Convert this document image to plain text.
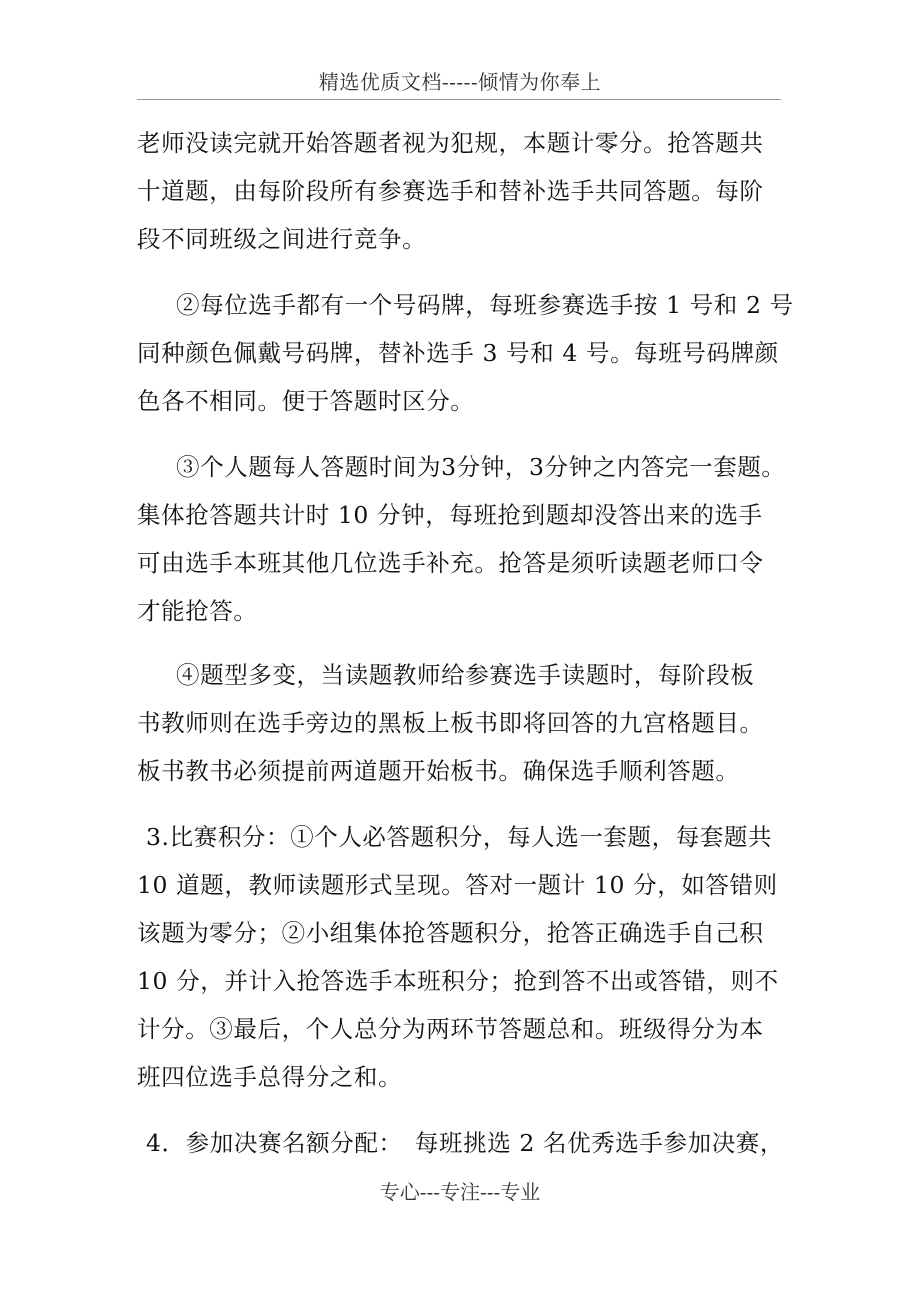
精选优质文档-----倾情为你奉上
老师没读完就开始答题者视为犯规，本题计零分。抢答题共
十道题，由每阶段所有参赛选手和替补选手共同答题。每阶
段不同班级之间进行竞争。
②每位选手都有一个号码牌，每班参赛选手按 1 号和 2 号
同种颜色佩戴号码牌，替补选手 3 号和 4 号。每班号码牌颜
色各不相同。便于答题时区分。
③个人题每人答题时间为3分钟，3分钟之内答完一套题。
集体抢答题共计时 10 分钟，每班抢到题却没答出来的选手
可由选手本班其他几位选手补充。抢答是须听读题老师口令
才能抢答。
④题型多变，当读题教师给参赛选手读题时，每阶段板
书教师则在选手旁边的黑板上板书即将回答的九宫格题目。
板书教书必须提前两道题开始板书。确保选手顺利答题。
3.比赛积分：①个人必答题积分，每人选一套题，每套题共
10 道题，教师读题形式呈现。答对一题计 10 分，如答错则
该题为零分；②小组集体抢答题积分，抢答正确选手自己积
10 分，并计入抢答选手本班积分；抢到答不出或答错，则不
计分。③最后，个人总分为两环节答题总和。班级得分为本
班四位选手总得分之和。
4．参加决赛名额分配：　每班挑选 2 名优秀选手参加决赛，
专心---专注---专业
